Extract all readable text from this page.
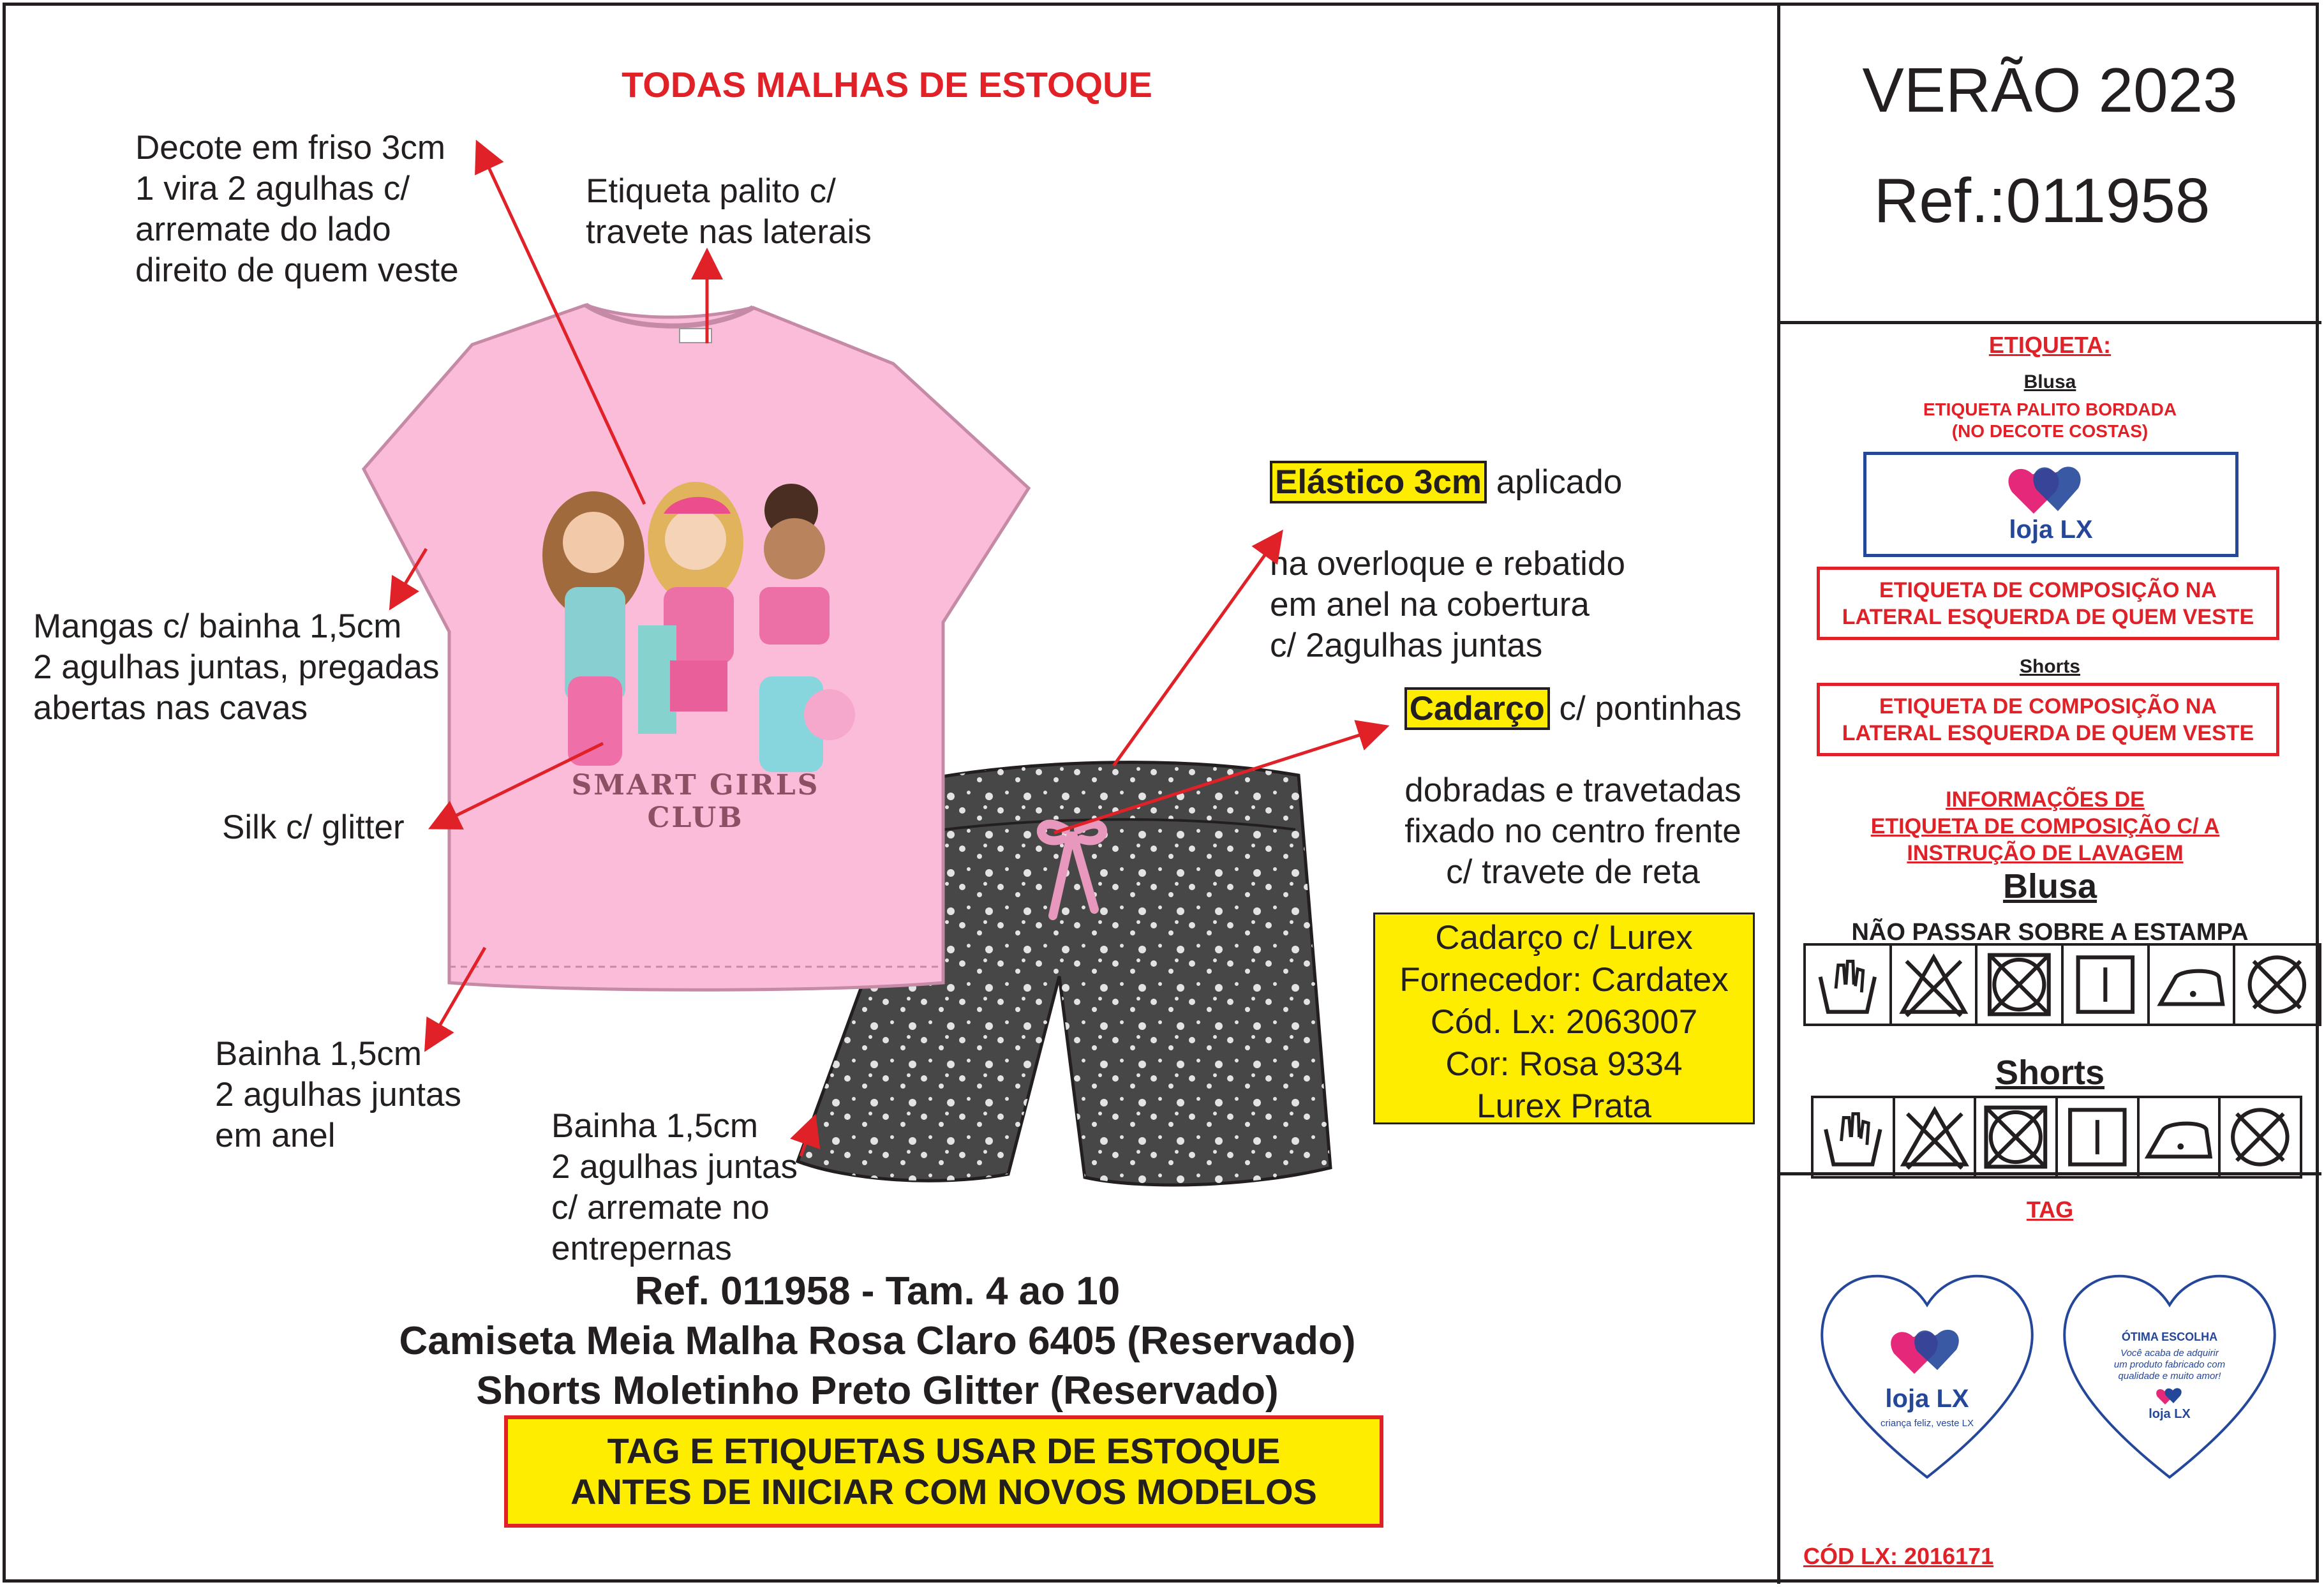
TODAS MALHAS DE ESTOQUE	VERÃO 2023
Ref.:011958
Decote em friso 3cm
1 vira 2 agulhas c/
arremate do lado
direito de quem veste
Etiqueta palito c/
travete nas laterais
Mangas c/ bainha 1,5cm
2 agulhas juntas, pregadas
abertas nas cavas
Silk c/ glitter
Bainha 1,5cm
2 agulhas juntas
em anel	Bainha 1,5cm
2 agulhas juntas
c/ arremate no
entrepernas

Elástico 3cm aplicado

na overloque e rebatido
em anel na cobertura
c/ 2agulhas juntas

Cadarço c/ pontinhas

dobradas e travetadas
fixado no centro frente
c/ travete de reta

Cadarço c/ Lurex
Fornecedor: Cardatex
Cód. Lx: 2063007
Cor: Rosa 9334
Lurex Prata
Ref. 011958 - Tam. 4 ao 10
Camiseta Meia Malha Rosa Claro 6405 (Reservado)
Shorts Moletinho Preto Glitter (Reservado)
TAG E ETIQUETAS USAR DE ESTOQUE
ANTES DE INICIAR COM NOVOS MODELOS
SMART GIRLS CLUB
ETIQUETA:
Blusa
ETIQUETA PALITO BORDADA
(NO DECOTE COSTAS)
loja LX
ETIQUETA DE COMPOSIÇÃO NA
LATERAL ESQUERDA DE QUEM VESTE
Shorts
ETIQUETA DE COMPOSIÇÃO NA
LATERAL ESQUERDA DE QUEM VESTE
INFORMAÇÕES DE
ETIQUETA DE COMPOSIÇÃO C/ A
INSTRUÇÃO DE LAVAGEM
Blusa
NÃO PASSAR SOBRE A ESTAMPA
Shorts
TAG
loja LX
criança feliz, veste LX
ÓTIMA ESCOLHA
Você acaba de adquirir
um produto fabricado com
qualidade e muito amor!
loja LX
CÓD LX: 2016171
